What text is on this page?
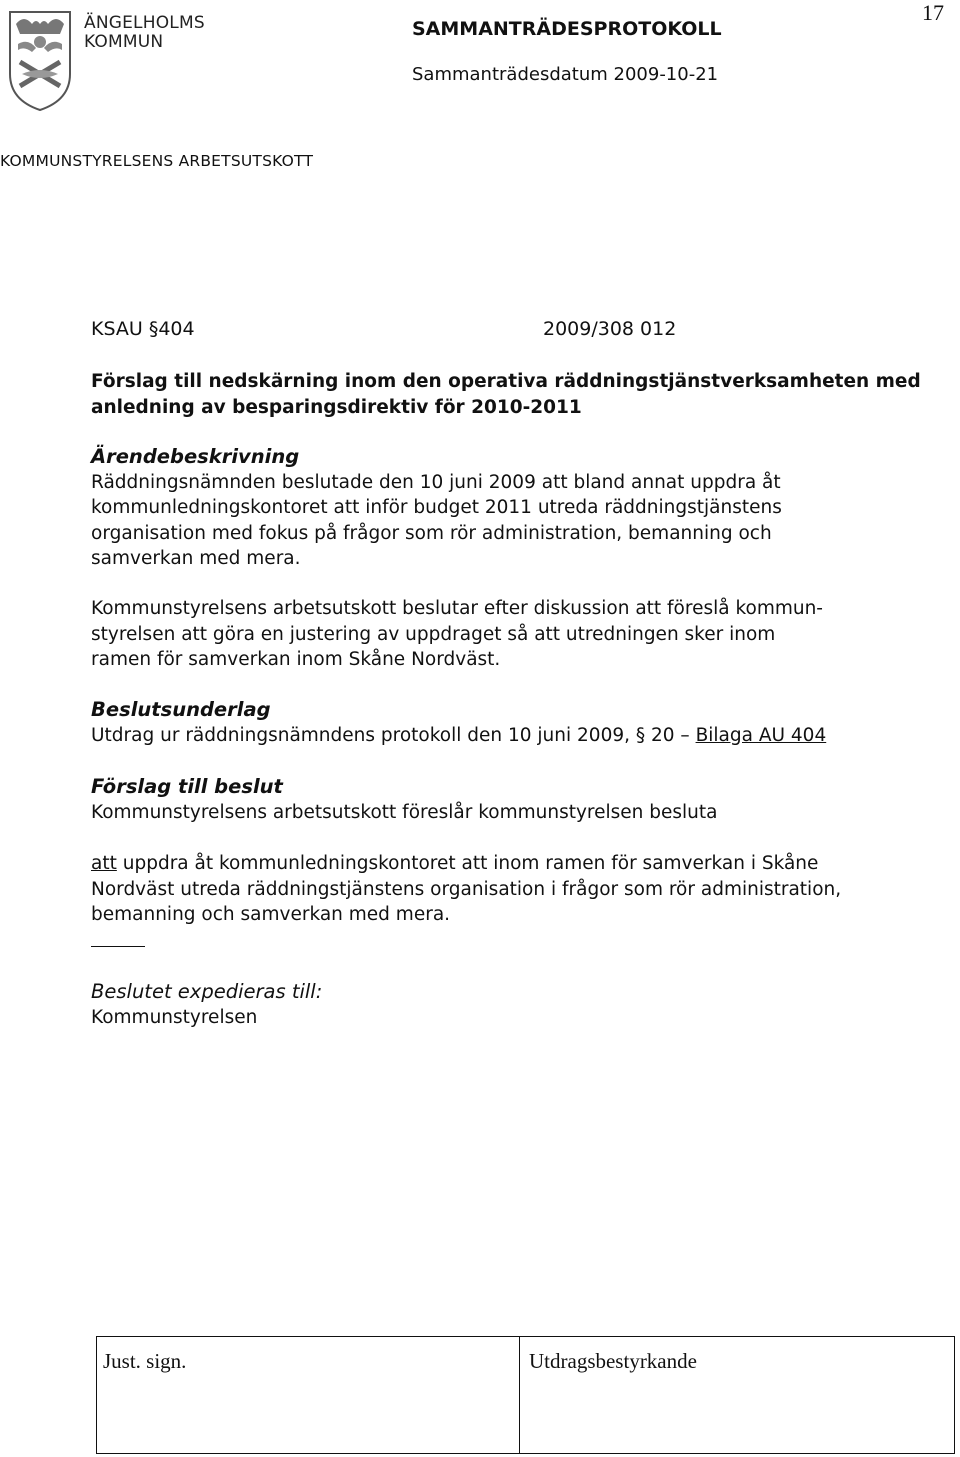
ÄNGELHOLMS
KOMMUN
17
SAMMANTRÄDESPROTOKOLL
Sammanträdesdatum 2009-10-21
KOMMUNSTYRELSENS ARBETSUTSKOTT
KSAU §404	2009/308 012
Förslag till nedskärning inom den operativa räddningstjänstverksamheten med
anledning av besparingsdirektiv för 2010-2011
Ärendebeskrivning
Räddningsnämnden beslutade den 10 juni 2009 att bland annat uppdra åt
kommunledningskontoret att inför budget 2011 utreda räddningstjänstens
organisation med fokus på frågor som rör administration, bemanning och
samverkan med mera.
Kommunstyrelsens arbetsutskott beslutar efter diskussion att föreslå kommun-
styrelsen att göra en justering av uppdraget så att utredningen sker inom
ramen för samverkan inom Skåne Nordväst.
Beslutsunderlag
Utdrag ur räddningsnämndens protokoll den 10 juni 2009, § 20 – Bilaga AU 404
Förslag till beslut
Kommunstyrelsens arbetsutskott föreslår kommunstyrelsen besluta
att uppdra åt kommunledningskontoret att inom ramen för samverkan i Skåne
Nordväst utreda räddningstjänstens organisation i frågor som rör administration,
bemanning och samverkan med mera.
Beslutet expedieras till:
Kommunstyrelsen
Just. sign.	Utdragsbestyrkande
